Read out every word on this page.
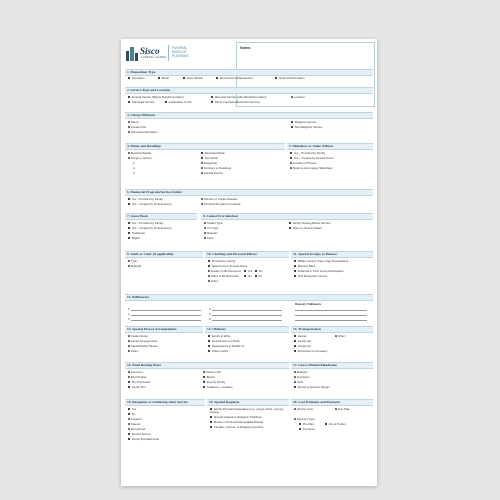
Sisco
FUNERAL CHAPEL
FUNERAL
SERVICE
PLANNING
Notes:
1. Disposition Type
Cremation	Burial	Green Burial	Entombment (Mausoleum)	Anatomical Donation
2. Service Type and Location
Funeral Service (Before Burial/Cremation)	Memorial Service (After Burial/Cremation)	Location:
Graveside Service	Celebration of Life	Direct Cremation/Burial (No Service)
3. Clergy/Officiant
Name:
Contact Info:
Honorarium/Donation:
Religious Service
Non-Religious Service
4. Music and Readings
Musician/Soloist
Songs or Hymns:
1.
2.
3.
Recorded Music
Live Music
Eulogist(s):
Scripture or Readings:
Special Poems:
5. Slideshow or Video Tribute
Yes – Provided by Family
Yes – Created by Funeral Home
Location of Photos:
Music to Accompany Slideshow:
6. Memorial Program/Service Folder
Yes – Provided by Family
Yes – Created by Funeral Home
Number of Copies Needed:
Photos/Information to Include:
7. Guest Book
Yes – Provided by Family
Yes – Created by Funeral Home
Traditional
Digital
8. Casket/Urn Selection
Casket Type:
Urn Type:
Material:
Color:
Family Viewing Before Service
Open or Closed Casket
9. Vault or Liner (if applicable)
Type:
Material:
10. Clothing and Personal Effects
Provided by Family
Selected from Funeral Home
Jewelry to Be Removed: Yes No
Glass to Be Removed:	Yes No
Other:
11. Special Groups or Honors
Military Honors (Taps, Flag Presentation)
Masonic Rites
Fraternal or Civic Group Participation
First Responder Honors
12. Pallbearers
Honorary Pallbearers
1.
2.
3.
4.
5.
6.
13. Special Flower Arrangements
Casket Spray:
Family Arrangements:
Stand/Display Pieces:
Other:
14. Obituary
Family to Write
Funeral Home to Write
Newspaper/s to Publish In:
Online Notice
15. Transportation
Hearse	Other:
Family Car
Clergy Car
Procession to Cemetery
16. Final Resting Place
Cemetery:
Plot Number:
Pre-Purchased
Family Plot
Ashes to Be:
Buried
Kept by Family
Scattered – Location:
17. Grave Marker/Headstone
Material:
Inscription:
Style:
Family to Approve Design
18. Reception or Gathering After Service
Yes
No
Location:
Caterer:
Menu/Food:
Alcohol Served
Family-Provided Food
19. Special Requests
Family-Provided Keepsakes (e.g., prayer cards, memory stones)
Special Cultural or Religious Traditions
Photos or Personal Memorabilia Display
Candles, Incense, or Religious Symbols
20. Cost Estimate and Payment
Service Cost:	Due Date:
Payment Type:
Pre-Paid	Out of Pocket
Insurance
